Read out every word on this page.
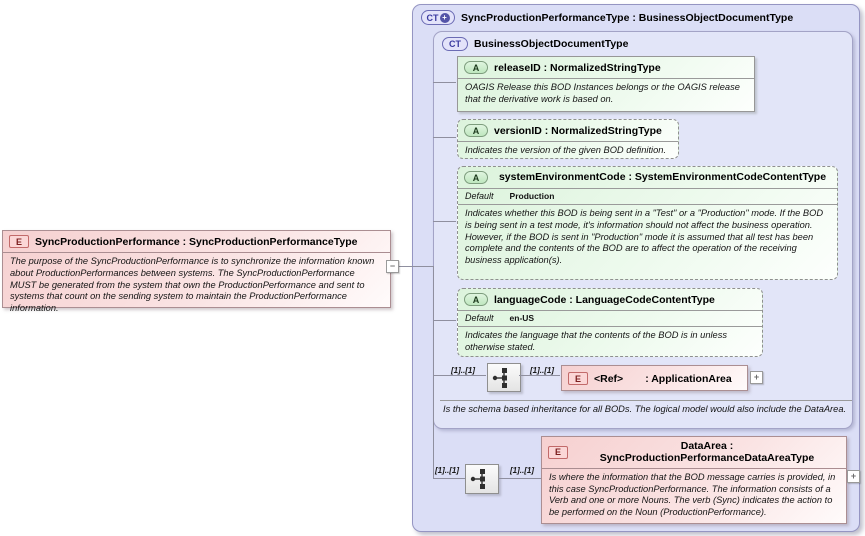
CT + SyncProductionPerformanceType : BusinessObjectDocumentType
CT	BusinessObjectDocumentType
A	releaseID : NormalizedStringType
OAGIS Release this BOD Instances belongs or the OAGIS release that the derivative work is based on.
A	versionID : NormalizedStringType
Indicates the version of the given BOD definition.
A	systemEnvironmentCode : SystemEnvironmentCodeContentType
Default Production
Indicates whether this BOD is being sent in a "Test" or a "Production" mode. If the BOD is being sent in a test mode, it's information should not affect the business operation. However, if the BOD is sent in "Production" mode it is assumed that all test has been complete and the contents of the BOD are to affect the operation of the receiving business application(s).
A	languageCode : LanguageCodeContentType
Default en-US
Indicates the language that the contents of the BOD is in unless otherwise stated.
[1]..[1]	[1]..[1]
E	<Ref> : ApplicationArea	+
Is the schema based inheritance for all BODs. The logical model would also include the DataArea.
[1]..[1]	[1]..[1]
E
DataArea : SyncProductionPerformanceDataAreaType
Is where the information that the BOD message carries is provided, in this case SyncProductionPerformance. The information consists of a Verb and one or more Nouns. The verb (Sync) indicates the action to be performed on the Noun (ProductionPerformance).
+
E	SyncProductionPerformance : SyncProductionPerformanceType
The purpose of the SyncProductionPerformance is to synchronize the information known about ProductionPerformances between systems. The SyncProductionPerformance MUST be generated from the system that own the ProductionPerformance and sent to systems that count on the sending system to maintain the ProductionPerformance information.
−
